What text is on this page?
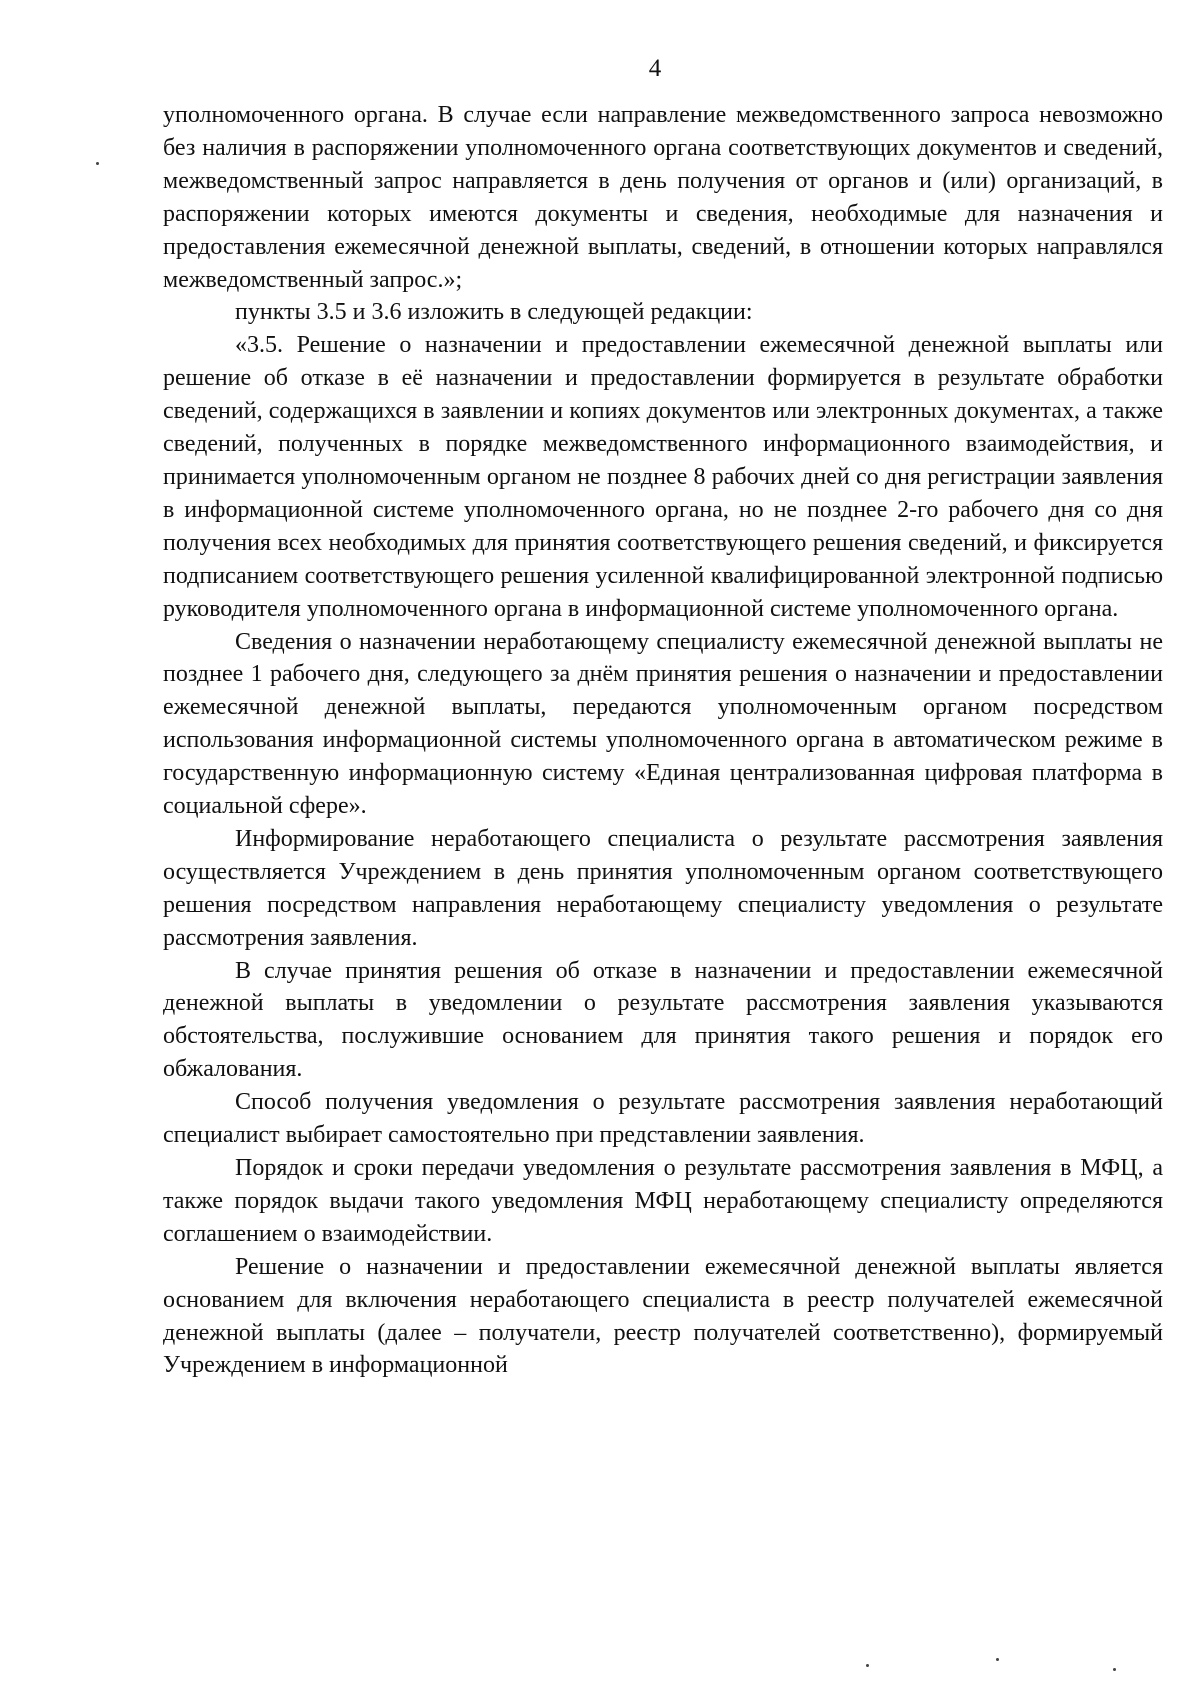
4

уполномоченного органа. В случае если направление межведомственного запроса невозможно без наличия в распоряжении уполномоченного органа соответствующих документов и сведений, межведомственный запрос направляется в день получения от органов и (или) организаций, в распоряжении которых имеются документы и сведения, необходимые для назначения и предоставления ежемесячной денежной выплаты, сведений, в отношении которых направлялся межведомственный запрос.»;

пункты 3.5 и 3.6 изложить в следующей редакции:

«3.5. Решение о назначении и предоставлении ежемесячной денежной выплаты или решение об отказе в её назначении и предоставлении формируется в результате обработки сведений, содержащихся в заявлении и копиях документов или электронных документах, а также сведений, полученных в порядке межведомственного информационного взаимодействия, и принимается уполномоченным органом не позднее 8 рабочих дней со дня регистрации заявления в информационной системе уполномоченного органа, но не позднее 2-го рабочего дня со дня получения всех необходимых для принятия соответствующего решения сведений, и фиксируется подписанием соответствующего решения усиленной квалифицированной электронной подписью руководителя уполномоченного органа в информационной системе уполномоченного органа.

Сведения о назначении неработающему специалисту ежемесячной денежной выплаты не позднее 1 рабочего дня, следующего за днём принятия решения о назначении и предоставлении ежемесячной денежной выплаты, передаются уполномоченным органом посредством использования информационной системы уполномоченного органа в автоматическом режиме в государственную информационную систему «Единая централизованная цифровая платформа в социальной сфере».

Информирование неработающего специалиста о результате рассмотрения заявления осуществляется Учреждением в день принятия уполномоченным органом соответствующего решения посредством направления неработающему специалисту уведомления о результате рассмотрения заявления.

В случае принятия решения об отказе в назначении и предоставлении ежемесячной денежной выплаты в уведомлении о результате рассмотрения заявления указываются обстоятельства, послужившие основанием для принятия такого решения и порядок его обжалования.

Способ получения уведомления о результате рассмотрения заявления неработающий специалист выбирает самостоятельно при представлении заявления.

Порядок и сроки передачи уведомления о результате рассмотрения заявления в МФЦ, а также порядок выдачи такого уведомления МФЦ неработающему специалисту определяются соглашением о взаимодействии.

Решение о назначении и предоставлении ежемесячной денежной выплаты является основанием для включения неработающего специалиста в реестр получателей ежемесячной денежной выплаты (далее – получатели, реестр получателей соответственно), формируемый Учреждением в информационной
